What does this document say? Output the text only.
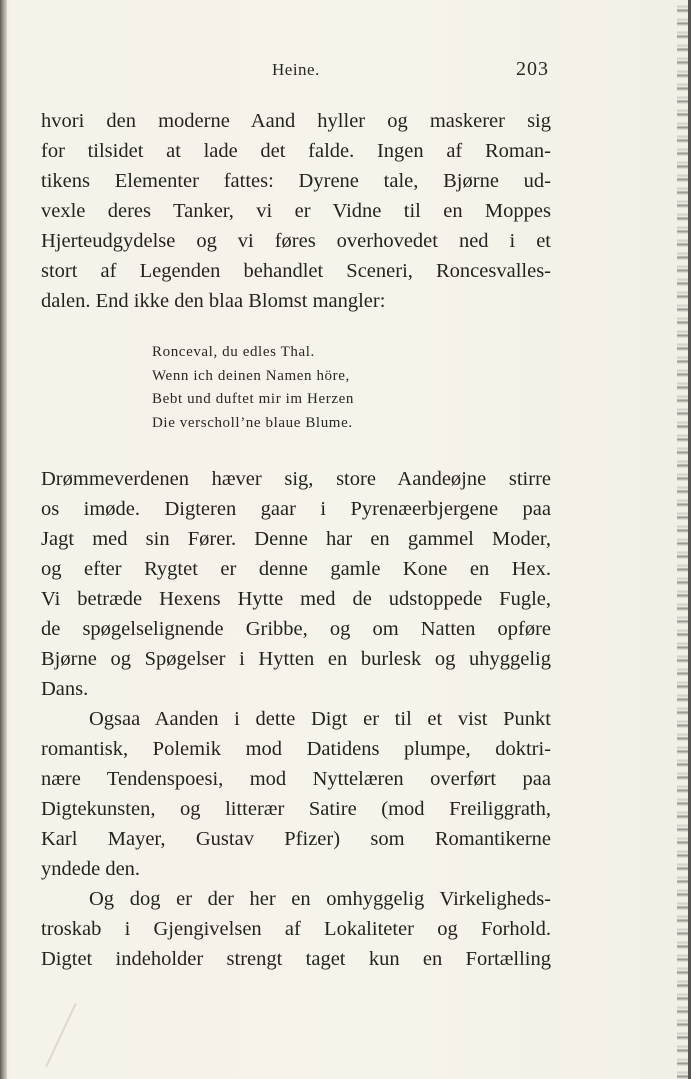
Heine.	203
hvori den moderne Aand hyller og maskerer sig
for tilsidet at lade det falde. Ingen af Roman-
tikens Elementer fattes: Dyrene tale, Bjørne ud-
vexle deres Tanker, vi er Vidne til en Moppes
Hjerteudgydelse og vi føres overhovedet ned i et
stort af Legenden behandlet Sceneri, Roncesvalles-
dalen. End ikke den blaa Blomst mangler:
Ronceval, du edles Thal.
Wenn ich deinen Namen höre,
Bebt und duftet mir im Herzen
Die verscholl’ne blaue Blume.
Drømmeverdenen hæver sig, store Aandeøjne stirre
os imøde. Digteren gaar i Pyrenæerbjergene paa
Jagt med sin Fører. Denne har en gammel Moder,
og efter Rygtet er denne gamle Kone en Hex.
Vi betræde Hexens Hytte med de udstoppede Fugle,
de spøgelselignende Gribbe, og om Natten opføre
Bjørne og Spøgelser i Hytten en burlesk og uhyggelig
Dans.
Ogsaa Aanden i dette Digt er til et vist Punkt
romantisk, Polemik mod Datidens plumpe, doktri-
nære Tendenspoesi, mod Nyttelæren overført paa
Digtekunsten, og litterær Satire (mod Freiliggrath,
Karl Mayer, Gustav Pfizer) som Romantikerne
yndede den.
Og dog er der her en omhyggelig Virkeligheds-
troskab i Gjengivelsen af Lokaliteter og Forhold.
Digtet indeholder strengt taget kun en Fortælling
